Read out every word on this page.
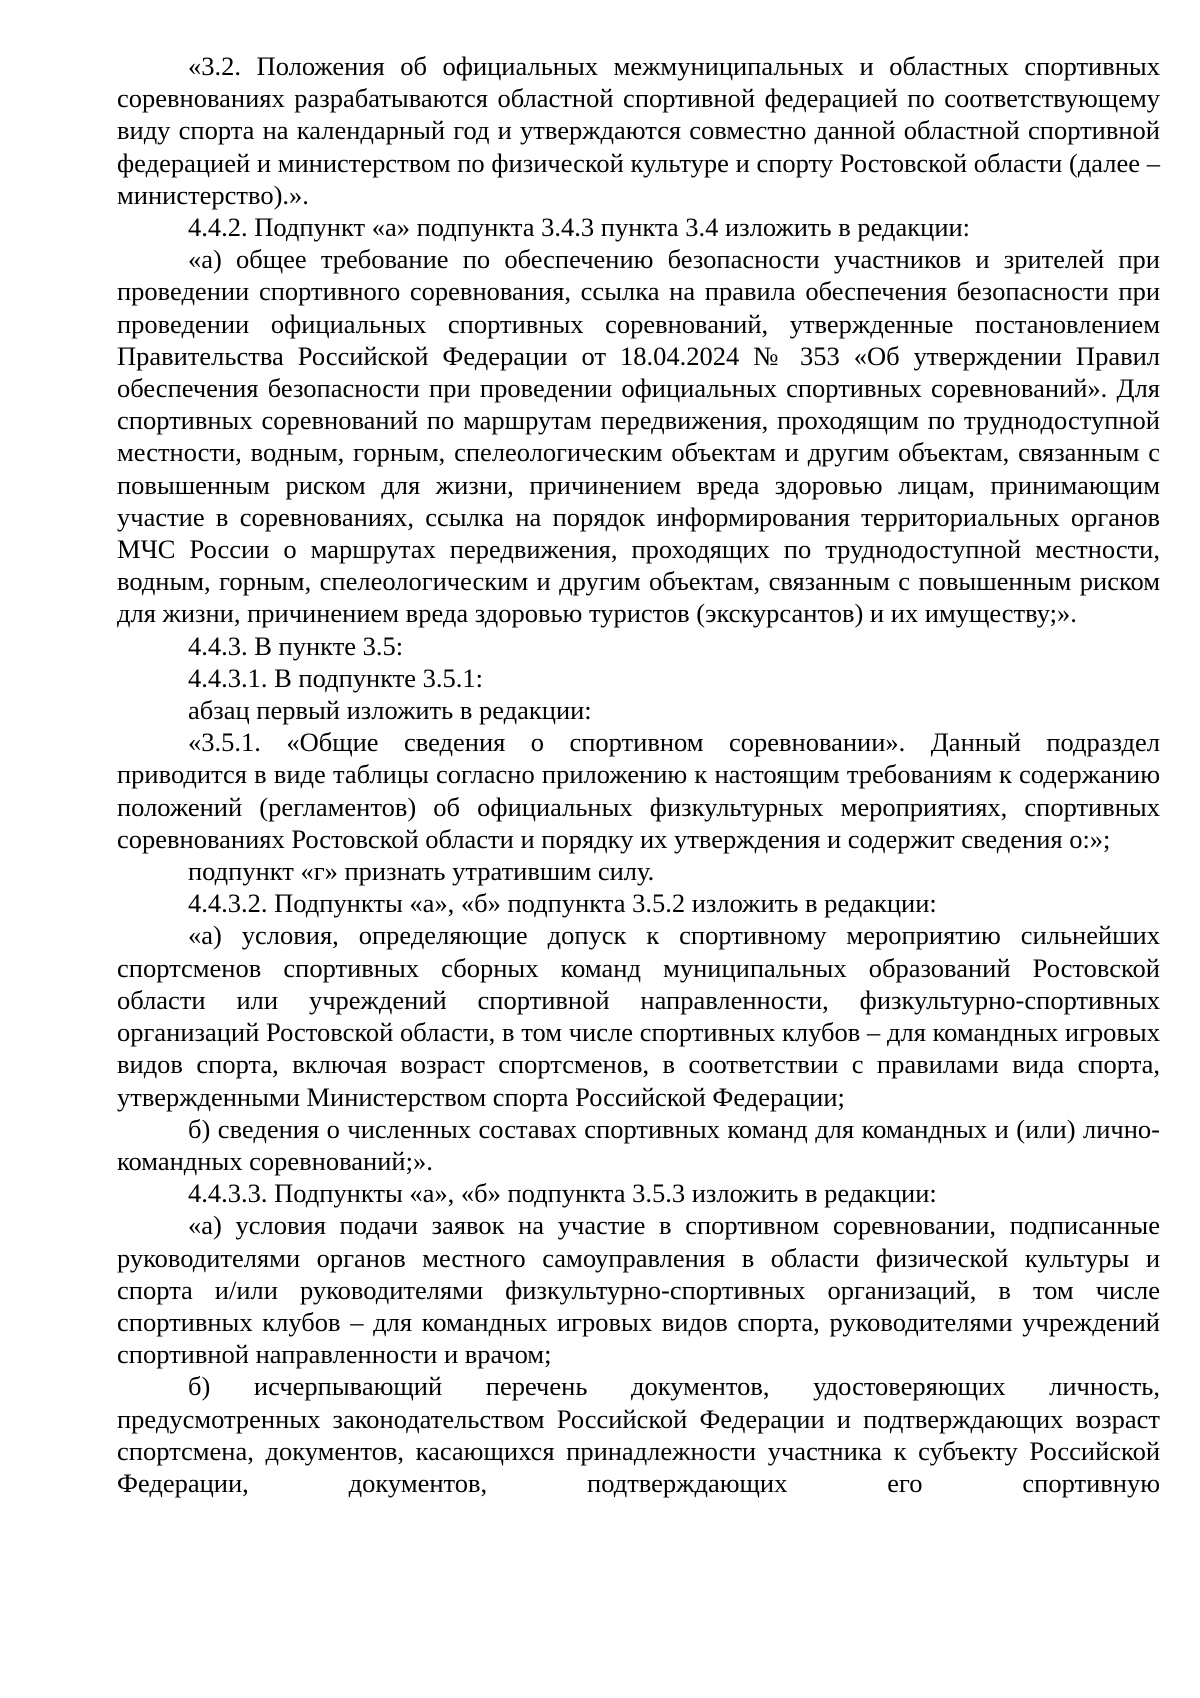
«3.2. Положения об официальных межмуниципальных и областных спортивных соревнованиях разрабатываются областной спортивной федерацией по соответствующему виду спорта на календарный год и утверждаются совместно данной областной спортивной федерацией и министерством по физической культуре и спорту Ростовской области (далее – министерство).».

4.4.2. Подпункт «а» подпункта 3.4.3 пункта 3.4 изложить в редакции:

«а) общее требование по обеспечению безопасности участников и зрителей при проведении спортивного соревнования, ссылка на правила обеспечения безопасности при проведении официальных спортивных соревнований, утвержденные постановлением Правительства Российской Федерации от 18.04.2024 № 353 «Об утверждении Правил обеспечения безопасности при проведении официальных спортивных соревнований». Для спортивных соревнований по маршрутам передвижения, проходящим по труднодоступной местности, водным, горным, спелеологическим объектам и другим объектам, связанным с повышенным риском для жизни, причинением вреда здоровью лицам, принимающим участие в соревнованиях, ссылка на порядок информирования территориальных органов МЧС России о маршрутах передвижения, проходящих по труднодоступной местности, водным, горным, спелеологическим и другим объектам, связанным с повышенным риском для жизни, причинением вреда здоровью туристов (экскурсантов) и их имуществу;».

4.4.3. В пункте 3.5:

4.4.3.1. В подпункте 3.5.1:

абзац первый изложить в редакции:

«3.5.1. «Общие сведения о спортивном соревновании». Данный подраздел приводится в виде таблицы согласно приложению к настоящим требованиям к содержанию положений (регламентов) об официальных физкультурных мероприятиях, спортивных соревнованиях Ростовской области и порядку их утверждения и содержит сведения о:»;

подпункт «г» признать утратившим силу.

4.4.3.2. Подпункты «а», «б» подпункта 3.5.2 изложить в редакции:

«а) условия, определяющие допуск к спортивному мероприятию сильнейших спортсменов спортивных сборных команд муниципальных образований Ростовской области или учреждений спортивной направленности, физкультурно-спортивных организаций Ростовской области, в том числе спортивных клубов – для командных игровых видов спорта, включая возраст спортсменов, в соответствии с правилами вида спорта, утвержденными Министерством спорта Российской Федерации;

б) сведения о численных составах спортивных команд для командных и (или) лично-командных соревнований;».

4.4.3.3. Подпункты «а», «б» подпункта 3.5.3 изложить в редакции:

«а) условия подачи заявок на участие в спортивном соревновании, подписанные руководителями органов местного самоуправления в области физической культуры и спорта и/или руководителями физкультурно-спортивных организаций, в том числе спортивных клубов – для командных игровых видов спорта, руководителями учреждений спортивной направленности и врачом;

б) исчерпывающий перечень документов, удостоверяющих личность, предусмотренных законодательством Российской Федерации и подтверждающих возраст спортсмена, документов, касающихся принадлежности участника к субъекту Российской Федерации, документов, подтверждающих его спортивную
